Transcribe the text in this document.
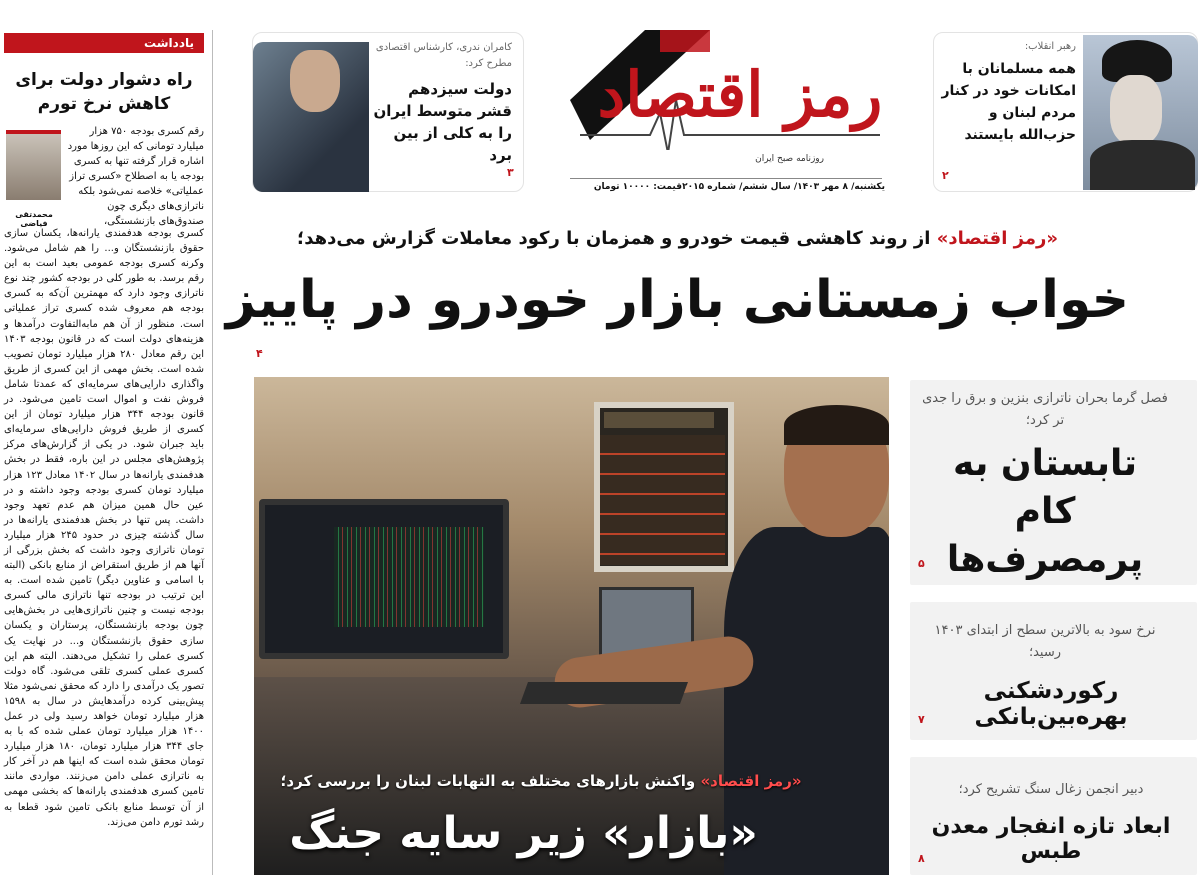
یادداشت
راه دشوار دولت برای کاهش نرخ تورم
محمدتقی فیاضی
رقم کسری بودجه ۷۵۰ هزار میلیارد تومانی که این روزها مورد اشاره قرار گرفته تنها به کسری بودجه یا به اصطلاح «کسری تراز عملیاتی» خلاصه نمی‌شود بلکه ناترازی‌های دیگری چون صندوق‌های بازنشستگی،
کسری بودجه هدفمندی یارانه‌ها، یکسان سازی حقوق بازنشستگان و... را هم شامل می‌شود. وکرنه کسری بودجه عمومی بعید است به این رقم برسد. به طور کلی در بودجه کشور چند نوع ناترازی وجود دارد که مهمترین آن‌که به کسری بودجه هم معروف شده کسری تراز عملیاتی است. منظور از آن هم مابه‌التفاوت درآمدها و هزینه‌های دولت است که در قانون بودجه ۱۴۰۳ این رقم معادل ۲۸۰ هزار میلیارد تومان تصویب شده است. بخش مهمی از این کسری از طریق واگذاری دارایی‌های سرمایه‌ای که عمدتا شامل فروش نفت و اموال است تامین می‌شود. در قانون بودجه ۳۴۴ هزار میلیارد تومان از این کسری از طریق فروش دارایی‌های سرمایه‌ای باید جبران شود. در یکی از گزارش‌های مرکز پژوهش‌های مجلس در این باره، فقط در بخش هدفمندی یارانه‌ها در سال ۱۴۰۲ معادل ۱۲۳ هزار میلیارد تومان کسری بودجه وجود داشته و در عین حال همین میزان هم عدم تعهد وجود داشت. پس تنها در بخش هدفمندی یارانه‌ها در سال گذشته چیزی در حدود ۲۴۵ هزار میلیارد تومان ناترازی وجود داشت که بخش بزرگی از آنها هم از طریق استقراض از منابع بانکی (البته با اسامی و عناوین دیگر) تامین شده است. به این ترتیب در بودجه تنها ناترازی مالی کسری بودجه نیست و چنین ناترازی‌هایی در بخش‌هایی چون بودجه بازنشستگان، پرستاران و یکسان سازی حقوق بازنشستگان و... در نهایت یک کسری عملی را تشکیل می‌دهند. البته هم این کسری عملی کسری تلقی می‌شود. گاه دولت تصور یک درآمدی را دارد که محقق نمی‌شود مثلا پیش‌بینی کرده درآمدهایش در سال به ۱۵۹۸ هزار میلیارد تومان خواهد رسید ولی در عمل ۱۴۰۰ هزار میلیارد تومان عملی شده که با به جای ۳۴۴ هزار میلیارد تومان، ۱۸۰ هزار میلیارد تومان محقق شده است که اینها هم در آخر کار به ناترازی عملی دامن می‌زنند. مواردی مانند تامین کسری هدفمندی یارانه‌ها که بخشی مهمی از آن توسط منابع بانکی تامین شود قطعا به رشد تورم دامن می‌زند.
کامران ندری، کارشناس اقتصادی مطرح کرد:
دولت سیزدهم قشر متوسط ایران را به کلی از بین برد
۳
رهبر انقلاب:
همه مسلمانان با امکانات خود در کنار مردم لبنان و حزب‌الله بایستند
۲
رمز اقتصاد
روزنامه صبح ایران
یکشنبه/ ۸ مهر ۱۴۰۳/ سال ششم/ شماره ۲۰۱۵
قیمت: ۱۰۰۰۰ تومان
«رمز اقتصاد» از روند کاهشی قیمت خودرو و همزمان با رکود معاملات گزارش می‌دهد؛
خواب زمستانی بازار خودرو در پاییز
۴
«رمز اقتصاد» واکنش بازارهای مختلف به التهابات لبنان را بررسی کرد؛
«بازار» زیر سایه جنگ
فصل گرما بحران ناترازی بنزین و برق را جدی تر کرد؛
تابستان به کام پرمصرف‌ها
۵
نرخ سود به بالاترین سطح از ابتدای ۱۴۰۳ رسید؛
رکوردشکنی بهره‌بین‌بانکی
۷
دبیر انجمن زغال سنگ تشریح کرد؛
ابعاد تازه انفجار معدن طبس
۸
